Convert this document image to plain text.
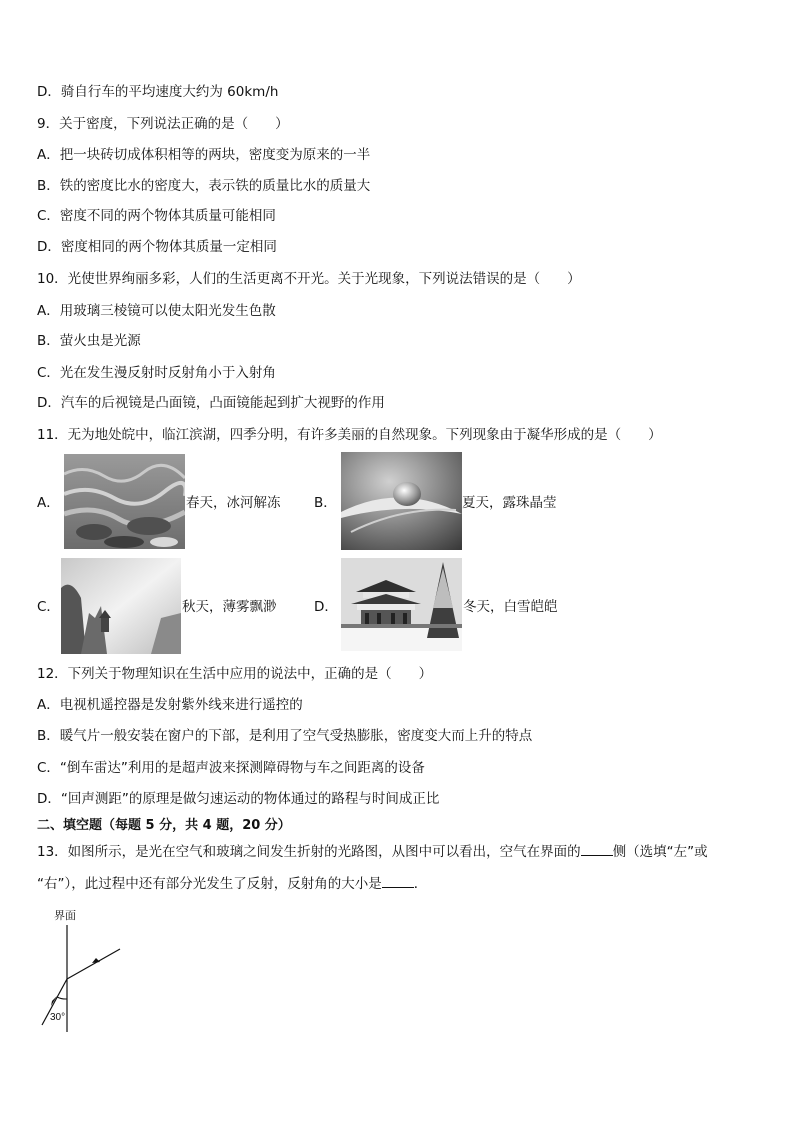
D．骑自行车的平均速度大约为 60km/h
9．关于密度，下列说法正确的是（　　）
A．把一块砖切成体积相等的两块，密度变为原来的一半
B．铁的密度比水的密度大，表示铁的质量比水的质量大
C．密度不同的两个物体其质量可能相同
D．密度相同的两个物体其质量一定相同
10．光使世界绚丽多彩，人们的生活更离不开光。关于光现象，下列说法错误的是（　　）
A．用玻璃三棱镜可以使太阳光发生色散
B．萤火虫是光源
C．光在发生漫反射时反射角小于入射角
D．汽车的后视镜是凸面镜，凸面镜能起到扩大视野的作用
11．无为地处皖中，临江滨湖，四季分明，有许多美丽的自然现象。下列现象由于凝华形成的是（　　）
A．	春天，冰河解冻 B．	夏天，露珠晶莹
C．	秋天，薄雾飘渺	D．	冬天，白雪皑皑
12．下列关于物理知识在生活中应用的说法中，正确的是（　　）
A．电视机遥控器是发射紫外线来进行遥控的
B．暖气片一般安装在窗户的下部，是利用了空气受热膨胀，密度变大而上升的特点
C．“倒车雷达”利用的是超声波来探测障碍物与车之间距离的设备
D．“回声测距”的原理是做匀速运动的物体通过的路程与时间成正比
二、填空题（每题 5 分，共 4 题，20 分）
13．如图所示，是光在空气和玻璃之间发生折射的光路图，从图中可以看出，空气在界面的 侧（选填“左”或
“右”），此过程中还有部分光发生了反射，反射角的大小是 ．
界面
30°
